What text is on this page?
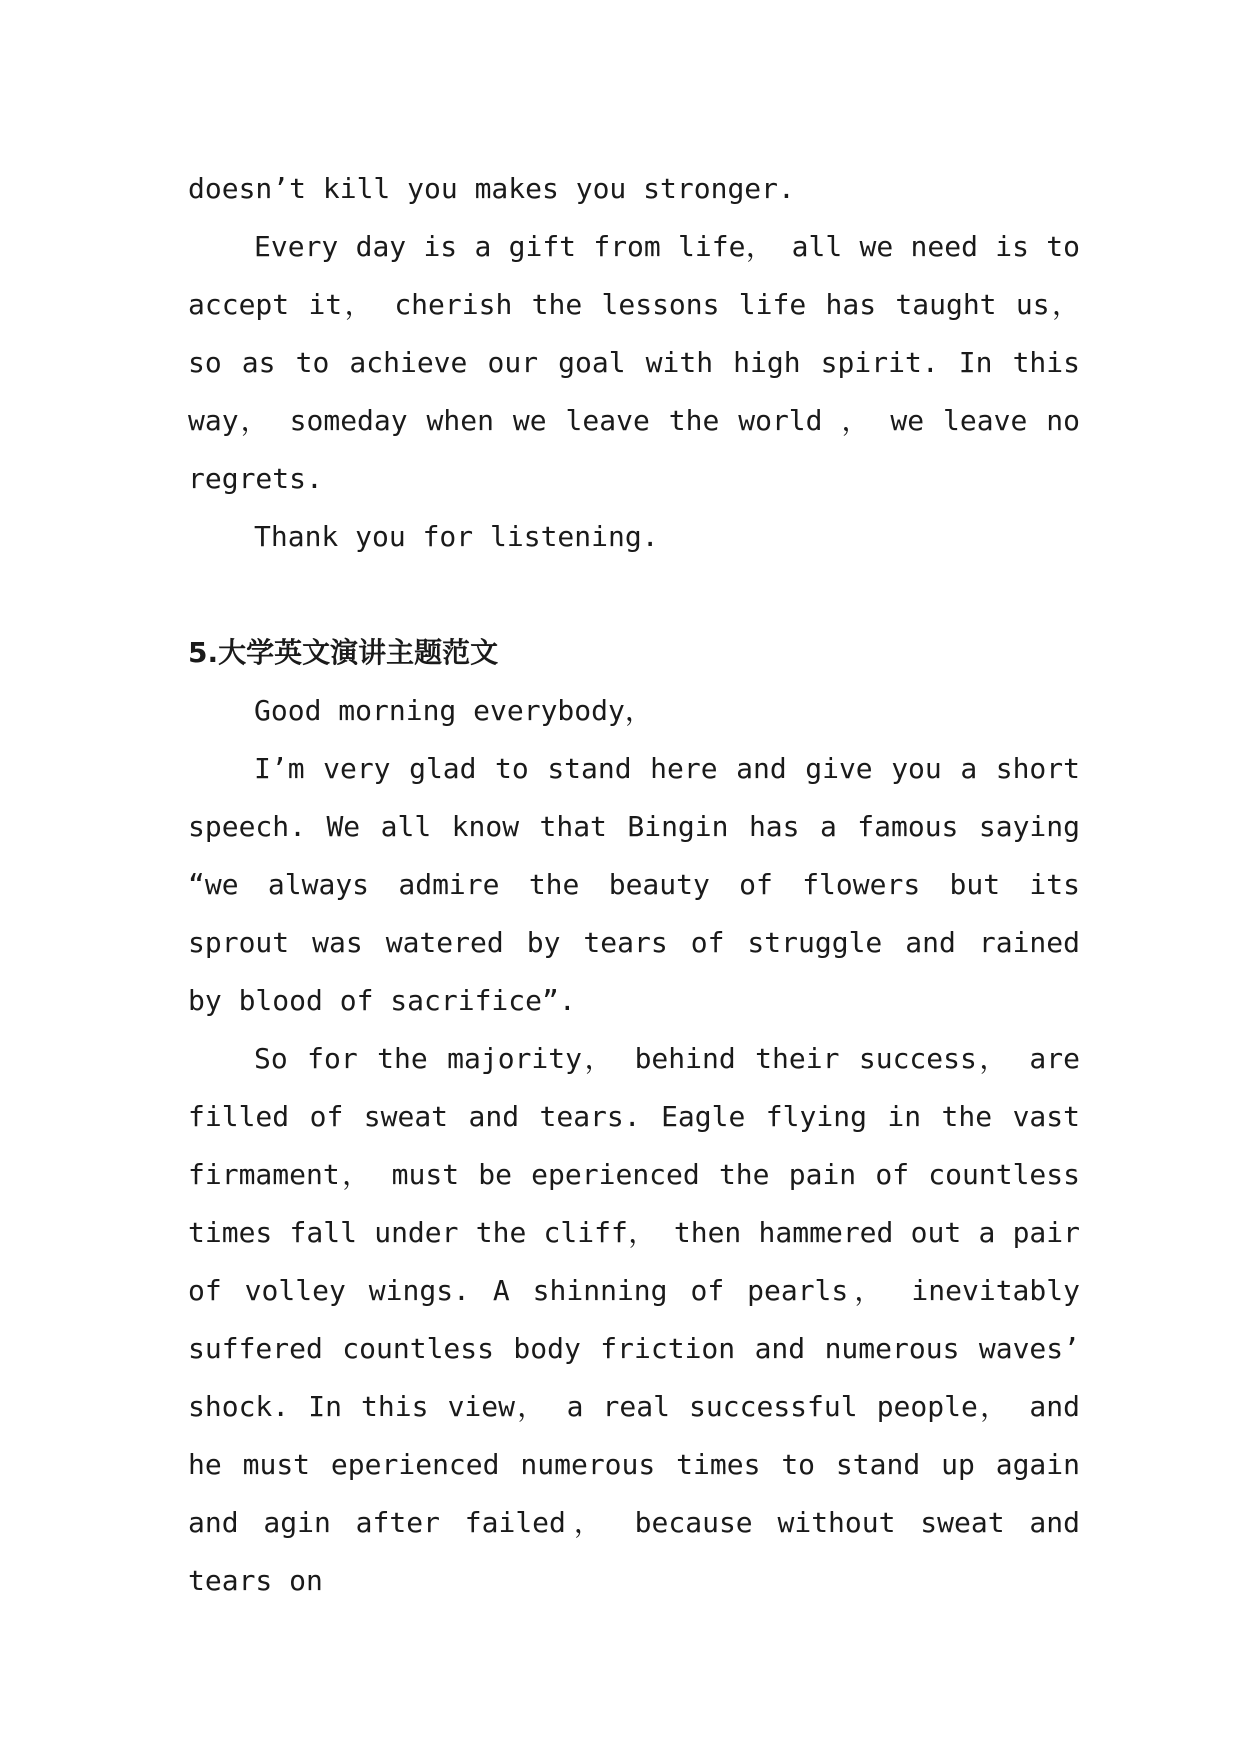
doesn’t kill you makes you stronger.

Every day is a gift from life， all we need is to accept it， cherish the lessons life has taught us， so as to achieve our goal with high spirit. In this way， someday when we leave the world ， we leave no regrets.

Thank you for listening.

5.大学英文演讲主题范文

Good morning everybody，

I’m very glad to stand here and give you a short speech. We all know that Bingin has a famous saying “we always admire the beauty of flowers but its sprout was watered by tears of struggle and rained by blood of sacrifice”.

So for the majority， behind their success， are filled of sweat and tears. Eagle flying in the vast firmament， must be eperienced the pain of countless times fall under the cliff， then hammered out a pair of volley wings. A shinning of pearls， inevitably suffered countless body friction and numerous waves’ shock. In this view， a real successful people， and he must eperienced numerous times to stand up again and agin after failed， because without sweat and tears on
